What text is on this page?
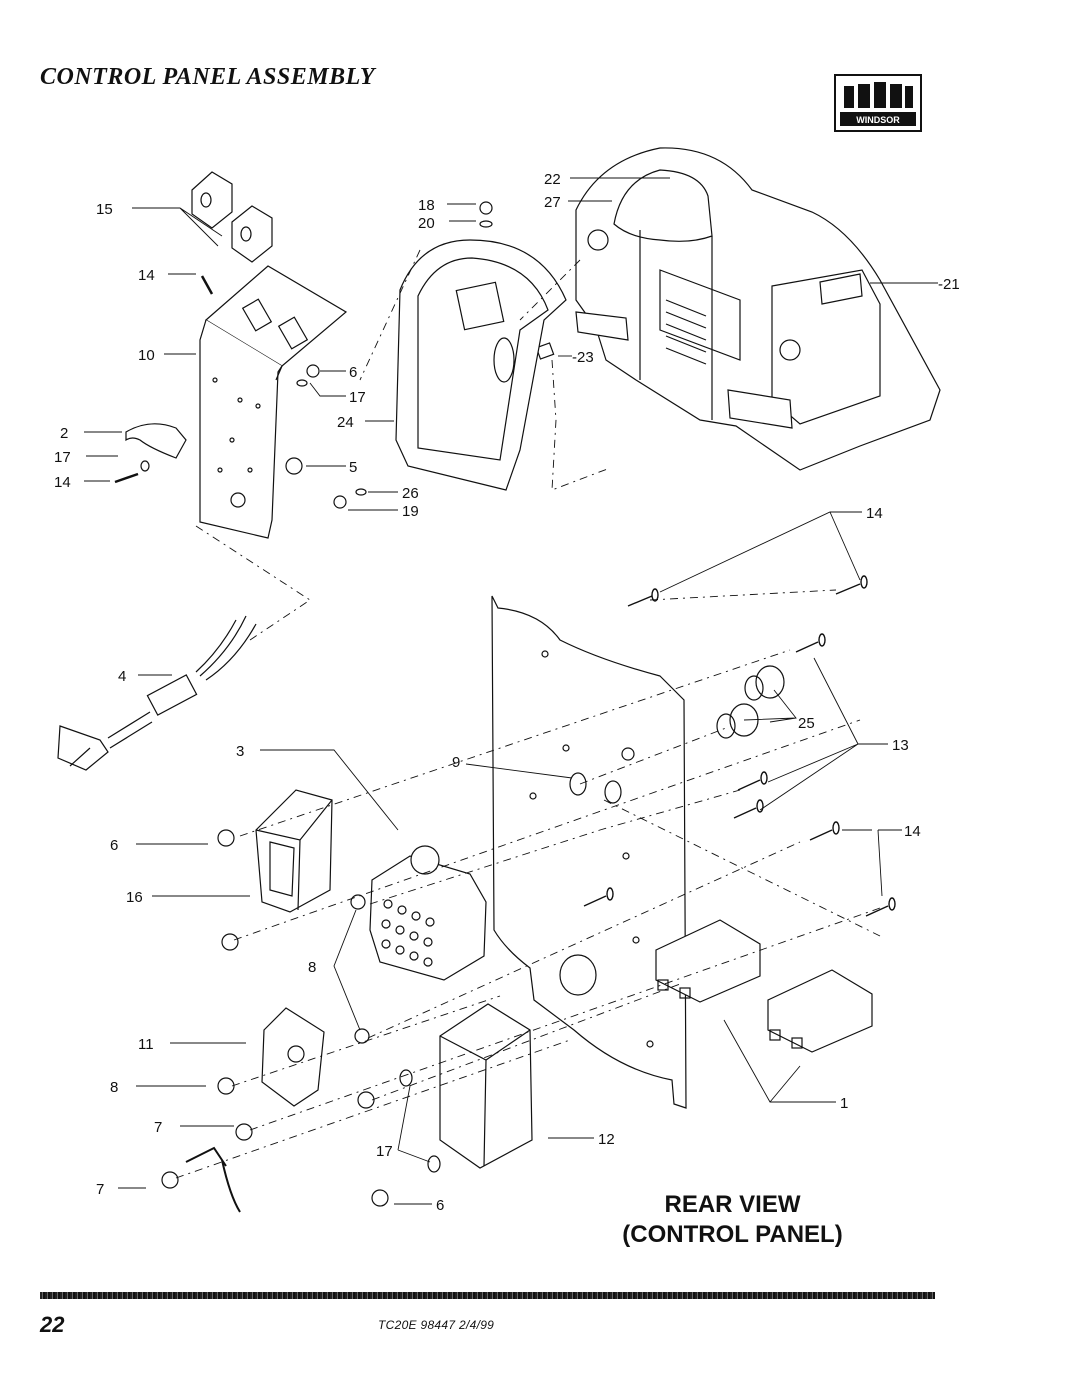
CONTROL PANEL ASSEMBLY
WINDSOR
15
14
10
2
17
14
18
20
6
17
24
5
26
19
22
27
-21
-23
14
4
25
13
3
9
6
14
16
8
11
8
7
7
17
12
1
6	REAR VIEW
(CONTROL PANEL)
22	TC20E 98447 2/4/99
